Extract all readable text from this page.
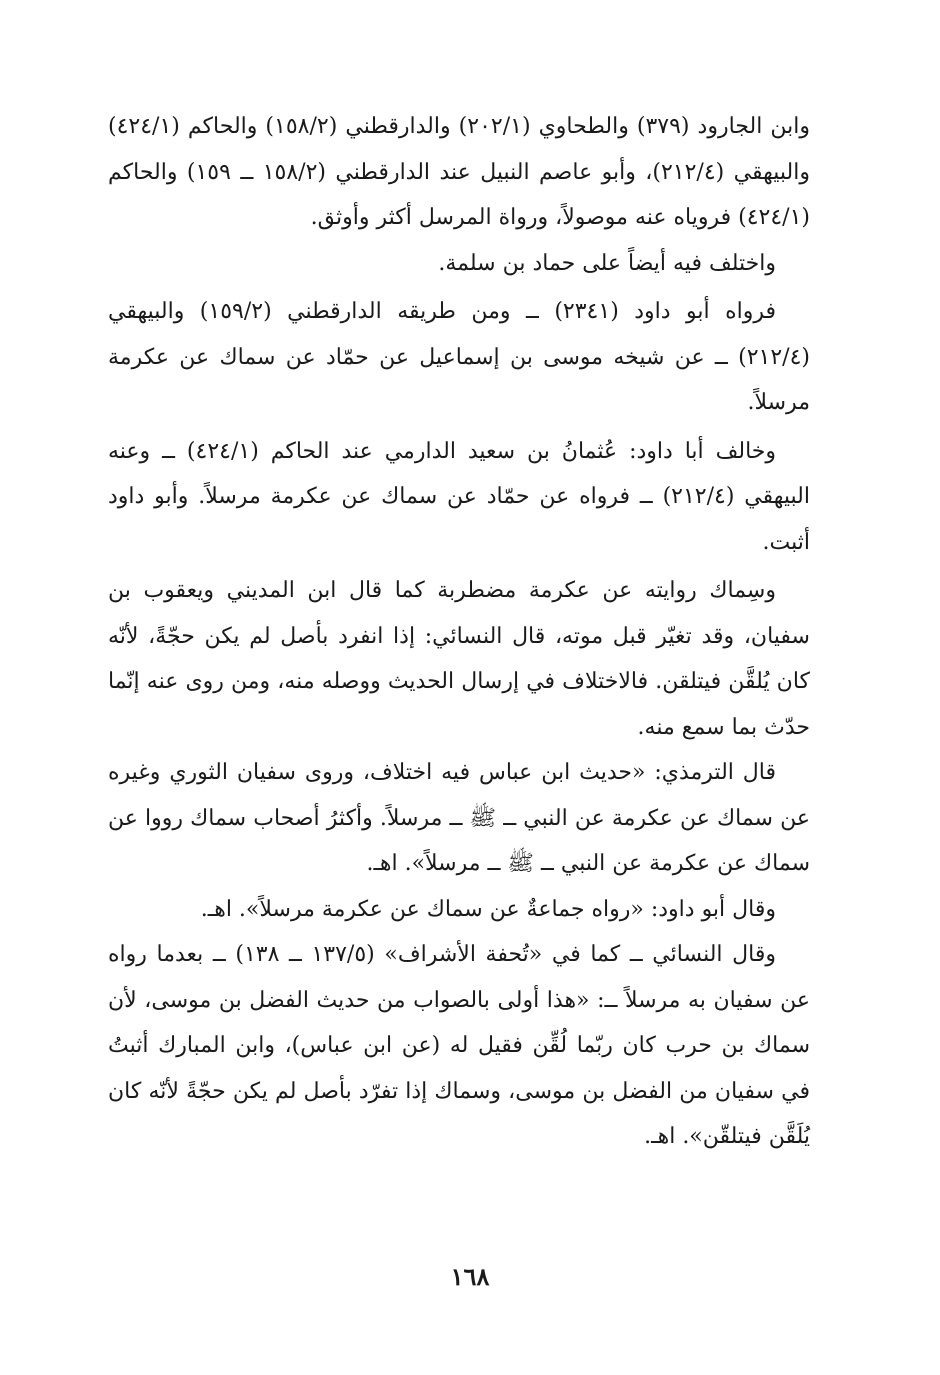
وابن الجارود (٣٧٩) والطحاوي (٢٠٢/١) والدارقطني (١٥٨/٢) والحاكم (٤٢٤/١) والبيهقي (٢١٢/٤)، وأبو عاصم النبيل عند الدارقطني (١٥٨/٢ ــ ١٥٩) والحاكم (٤٢٤/١) فروياه عنه موصولاً، ورواة المرسل أكثر وأوثق.

واختلف فيه أيضاً على حماد بن سلمة.

فرواه أبو داود (٢٣٤١) ــ ومن طريقه الدارقطني (١٥٩/٢) والبيهقي (٢١٢/٤) ــ عن شيخه موسى بن إسماعيل عن حمّاد عن سماك عن عكرمة مرسلاً.

وخالف أبا داود: عُثمانُ بن سعيد الدارمي عند الحاكم (٤٢٤/١) ــ وعنه البيهقي (٢١٢/٤) ــ فرواه عن حمّاد عن سماك عن عكرمة مرسلاً. وأبو داود أثبت.

وسِماك روايته عن عكرمة مضطربة كما قال ابن المديني ويعقوب بن سفيان، وقد تغيّر قبل موته، قال النسائي: إذا انفرد بأصل لم يكن حجّةً، لأنّه كان يُلقَّن فيتلقن. فالاختلاف في إرسال الحديث ووصله منه، ومن روى عنه إنّما حدّث بما سمع منه.

قال الترمذي: «حديث ابن عباس فيه اختلاف، وروى سفيان الثوري وغيره عن سماك عن عكرمة عن النبي ــ ﷺ ــ مرسلاً. وأكثرُ أصحاب سماك رووا عن سماك عن عكرمة عن النبي ــ ﷺ ــ مرسلاً». اهـ.

وقال أبو داود: «رواه جماعةٌ عن سماك عن عكرمة مرسلاً». اهـ.

وقال النسائي ــ كما في «تُحفة الأشراف» (١٣٧/٥ ــ ١٣٨) ــ بعدما رواه عن سفيان به مرسلاً ــ: «هذا أولى بالصواب من حديث الفضل بن موسى، لأن سماك بن حرب كان ربّما لُقِّن فقيل له (عن ابن عباس)، وابن المبارك أثبتُ في سفيان من الفضل بن موسى، وسماك إذا تفرّد بأصل لم يكن حجّةً لأنّه كان يُلَقَّن فيتلقّن». اهـ.

١٦٨
